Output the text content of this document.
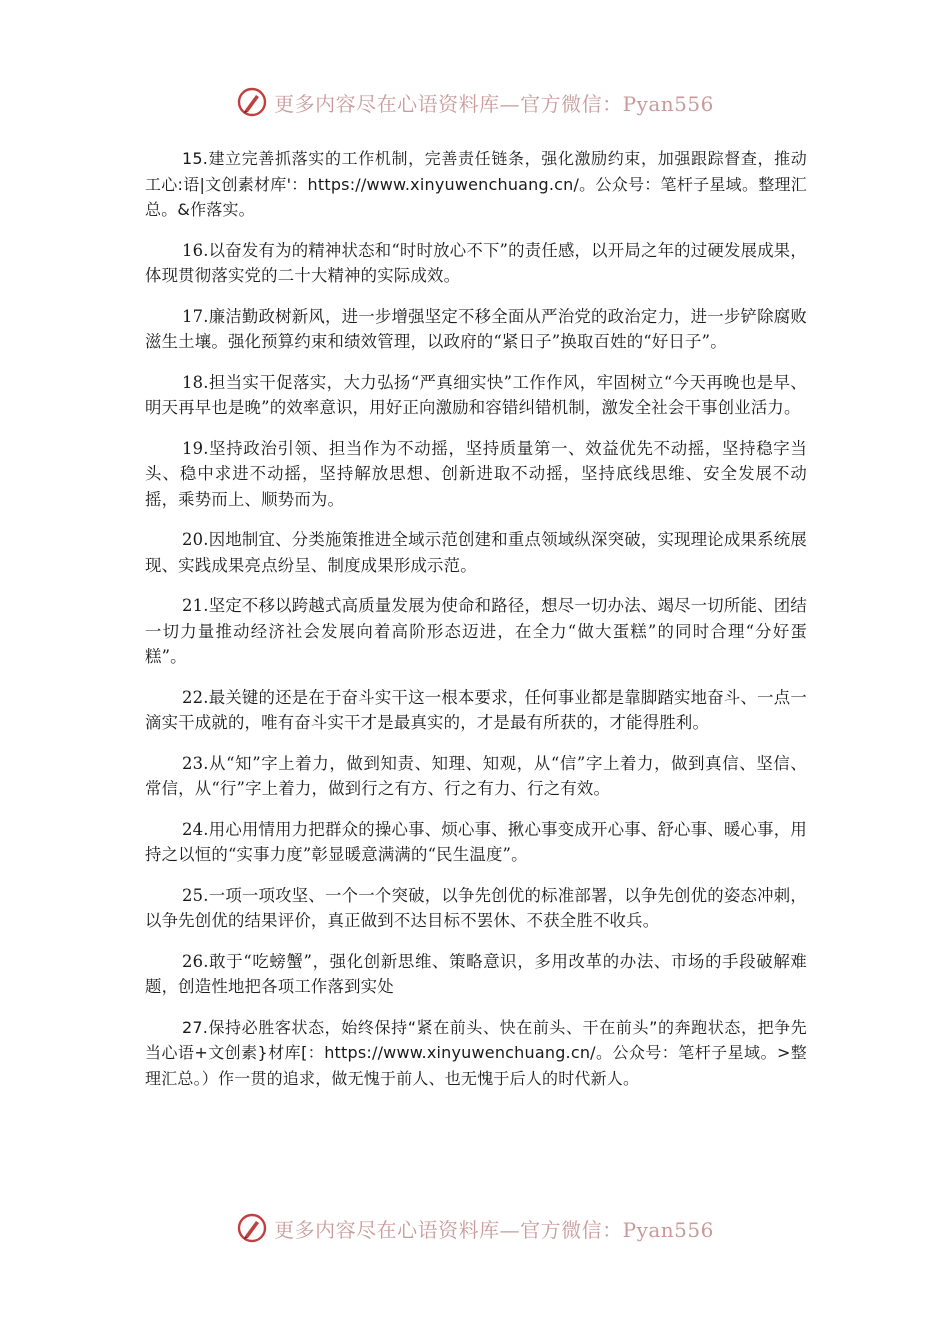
更多内容尽在心语资料库—官方微信：Pyan556

15.建立完善抓落实的工作机制，完善责任链条，强化激励约束，加强跟踪督查，推动工心:语|文创素材库'：https://www.xinyuwenchuang.cn/。公众号：笔杆子星域。整理汇总。&作落实。

16.以奋发有为的精神状态和“时时放心不下”的责任感，以开局之年的过硬发展成果，体现贯彻落实党的二十大精神的实际成效。

17.廉洁勤政树新风，进一步增强坚定不移全面从严治党的政治定力，进一步铲除腐败滋生土壤。强化预算约束和绩效管理，以政府的“紧日子”换取百姓的“好日子”。

18.担当实干促落实，大力弘扬“严真细实快”工作作风，牢固树立“今天再晚也是早、明天再早也是晚”的效率意识，用好正向激励和容错纠错机制，激发全社会干事创业活力。

19.坚持政治引领、担当作为不动摇，坚持质量第一、效益优先不动摇，坚持稳字当头、稳中求进不动摇，坚持解放思想、创新进取不动摇，坚持底线思维、安全发展不动摇，乘势而上、顺势而为。

20.因地制宜、分类施策推进全域示范创建和重点领域纵深突破，实现理论成果系统展现、实践成果亮点纷呈、制度成果形成示范。

21.坚定不移以跨越式高质量发展为使命和路径，想尽一切办法、竭尽一切所能、团结一切力量推动经济社会发展向着高阶形态迈进，在全力“做大蛋糕”的同时合理“分好蛋糕”。

22.最关键的还是在于奋斗实干这一根本要求，任何事业都是靠脚踏实地奋斗、一点一滴实干成就的，唯有奋斗实干才是最真实的，才是最有所获的，才能得胜利。

23.从“知”字上着力，做到知责、知理、知观，从“信”字上着力，做到真信、坚信、常信，从“行”字上着力，做到行之有方、行之有力、行之有效。

24.用心用情用力把群众的操心事、烦心事、揪心事变成开心事、舒心事、暖心事，用持之以恒的“实事力度”彰显暖意满满的“民生温度”。

25.一项一项攻坚、一个一个突破，以争先创优的标准部署，以争先创优的姿态冲刺，以争先创优的结果评价，真正做到不达目标不罢休、不获全胜不收兵。

26.敢于“吃螃蟹”，强化创新思维、策略意识，多用改革的办法、市场的手段破解难题，创造性地把各项工作落到实处

27.保持必胜客状态，始终保持“紧在前头、快在前头、干在前头”的奔跑状态，把争先当心语+文创素}材库[：https://www.xinyuwenchuang.cn/。公众号：笔杆子星域。>整理汇总。）作一贯的追求，做无愧于前人、也无愧于后人的时代新人。

更多内容尽在心语资料库—官方微信：Pyan556
